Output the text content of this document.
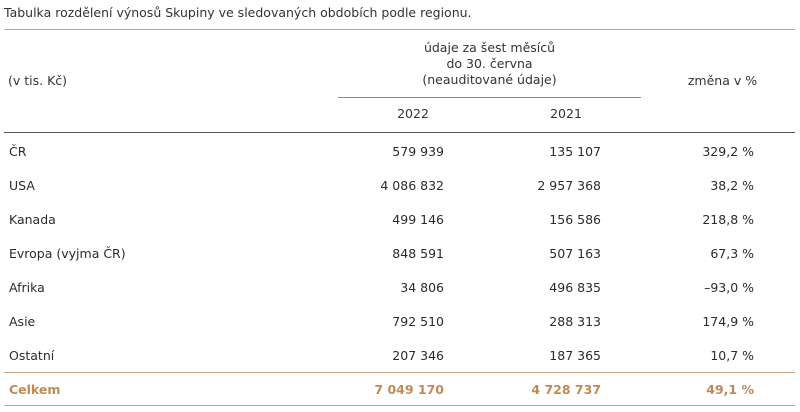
Tabulka rozdělení výnosů Skupiny ve sledovaných obdobích podle regionu.
(v tis. Kč)
údaje za šest měsíců
do 30. června
(neauditované údaje)	změna v %
2022	2021
ČR	579 939	135 107	329,2 %
USA	4 086 832	2 957 368	38,2 %
Kanada	499 146	156 586	218,8 %
Evropa (vyjma ČR)	848 591	507 163	67,3 %
Afrika	34 806	496 835	–93,0 %
Asie	792 510	288 313	174,9 %
Ostatní	207 346	187 365	10,7 %
Celkem	7 049 170	4 728 737	49,1 %
